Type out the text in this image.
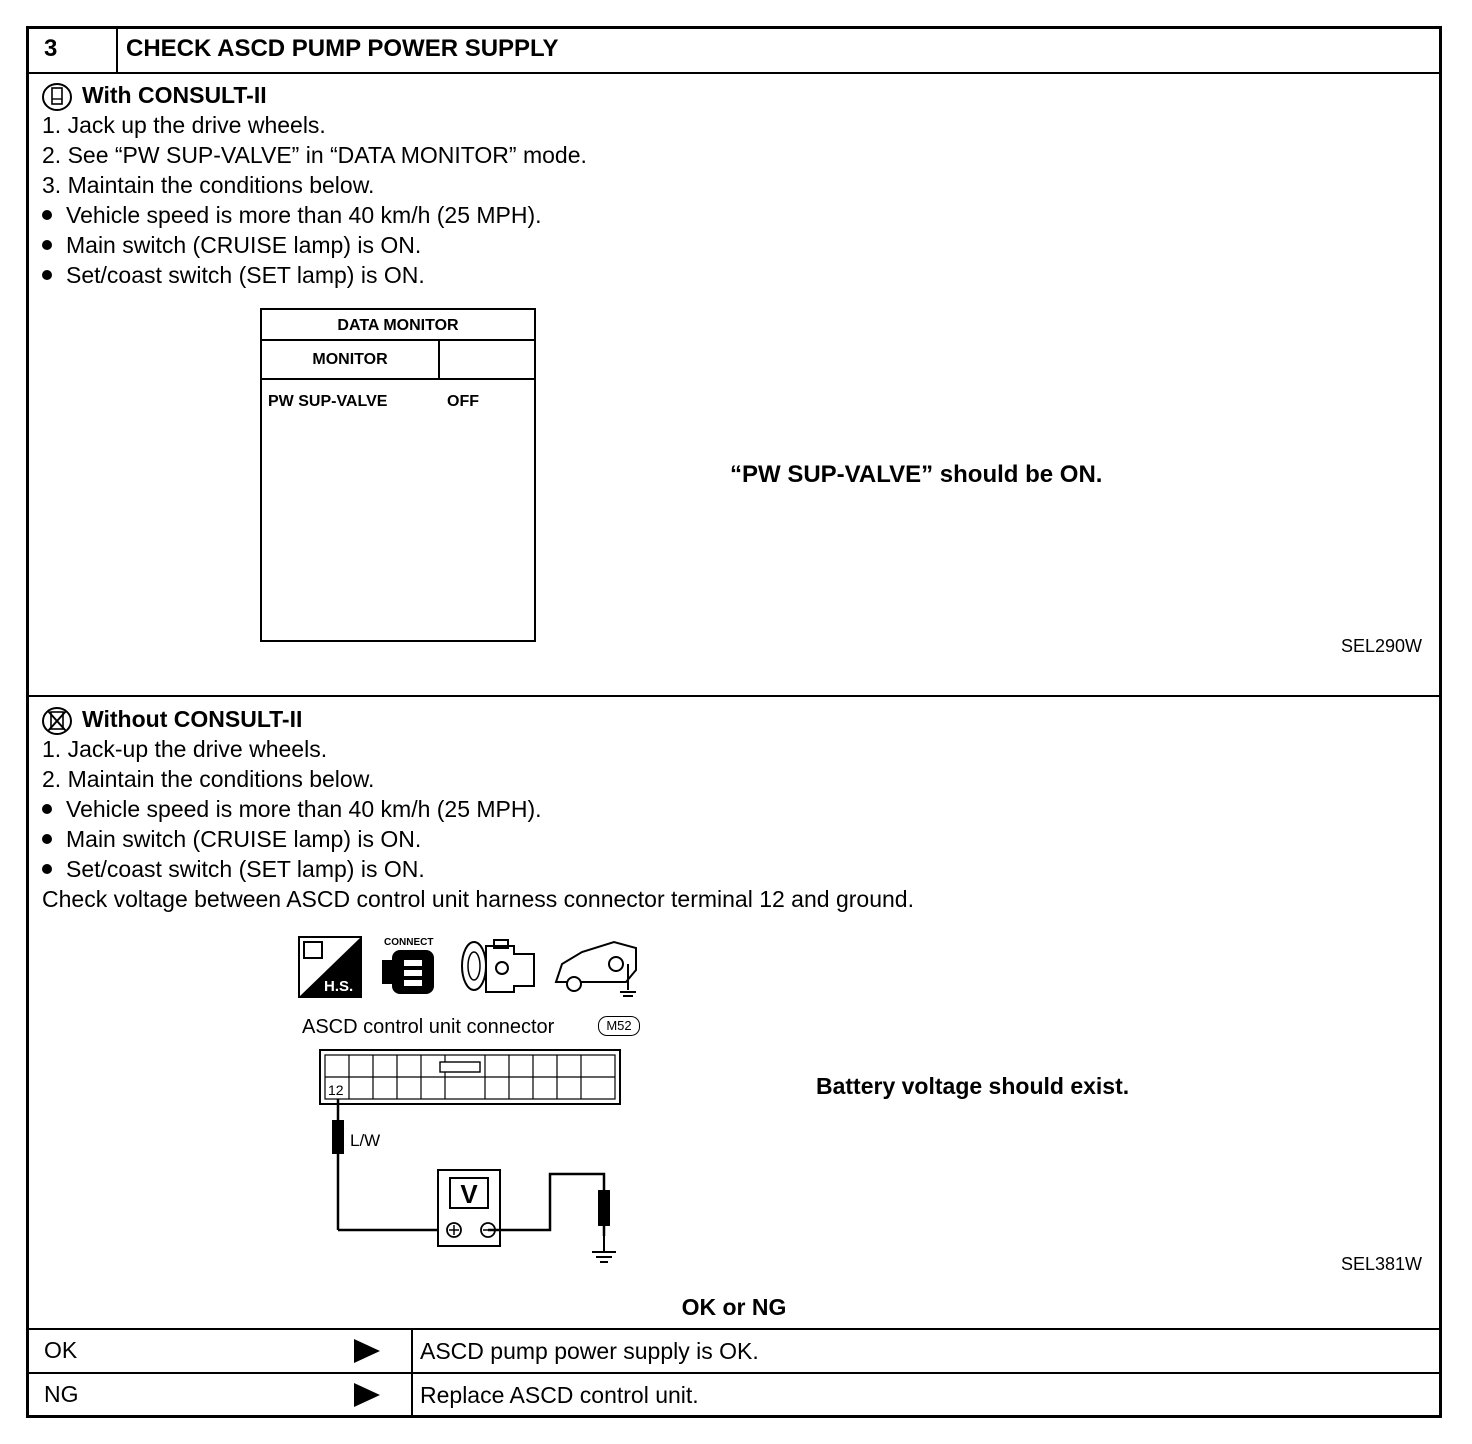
3	CHECK ASCD PUMP POWER SUPPLY
With CONSULT-II
1. Jack up the drive wheels.
2. See “PW SUP-VALVE” in “DATA MONITOR” mode.
3. Maintain the conditions below.
Vehicle speed is more than 40 km/h (25 MPH).
Main switch (CRUISE lamp) is ON.
Set/coast switch (SET lamp) is ON.
DATA MONITOR
MONITOR
PW SUP-VALVE	OFF
“PW SUP-VALVE” should be ON.
SEL290W
Without CONSULT-II
1. Jack-up the drive wheels.
2. Maintain the conditions below.
Vehicle speed is more than 40 km/h (25 MPH).
Main switch (CRUISE lamp) is ON.
Set/coast switch (SET lamp) is ON.
Check voltage between ASCD control unit harness connector terminal 12 and ground.
H.S.
CONNECT
ASCD control unit connector	M52
12
V
L/W
Battery voltage should exist.
SEL381W
OK or NG
OK	ASCD pump power supply is OK.
NG	Replace ASCD control unit.
